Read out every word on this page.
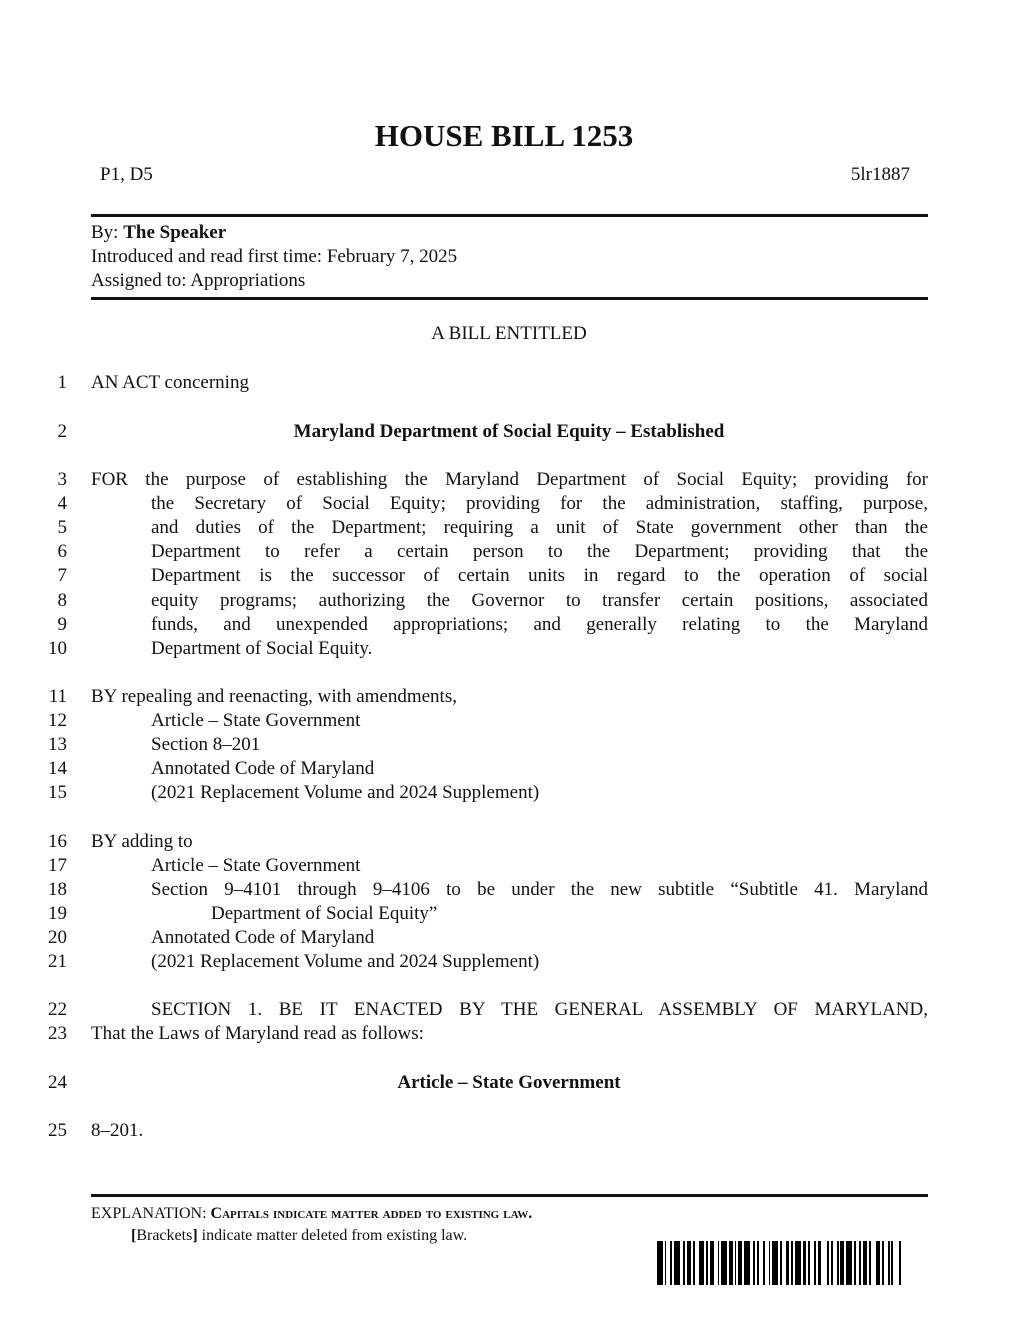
HOUSE BILL 1253
P1, D5	5lr1887
By: The Speaker
Introduced and read first time: February 7, 2025
Assigned to: Appropriations
A BILL ENTITLED
1
2
3
4
5
6
7
8
9
10
11
12
13
14
15
16
17
18
19
20
21
22
23
24
25
AN ACT concerning
Maryland Department of Social Equity – Established
FOR the purpose of establishing the Maryland Department of Social Equity; providing for
the Secretary of Social Equity; providing for the administration, staffing, purpose,
and duties of the Department; requiring a unit of State government other than the
Department to refer a certain person to the Department; providing that the
Department is the successor of certain units in regard to the operation of social
equity programs; authorizing the Governor to transfer certain positions, associated
funds, and unexpended appropriations; and generally relating to the Maryland
Department of Social Equity.
BY repealing and reenacting, with amendments,
Article – State Government
Section 8–201
Annotated Code of Maryland
(2021 Replacement Volume and 2024 Supplement)
BY adding to
Article – State Government
Section 9–4101 through 9–4106 to be under the new subtitle “Subtitle 41. Maryland
Department of Social Equity”
Annotated Code of Maryland
(2021 Replacement Volume and 2024 Supplement)
SECTION 1. BE IT ENACTED BY THE GENERAL ASSEMBLY OF MARYLAND,
That the Laws of Maryland read as follows:
Article – State Government
8–201.
EXPLANATION: Capitals indicate matter added to existing law.
[Brackets] indicate matter deleted from existing law.
